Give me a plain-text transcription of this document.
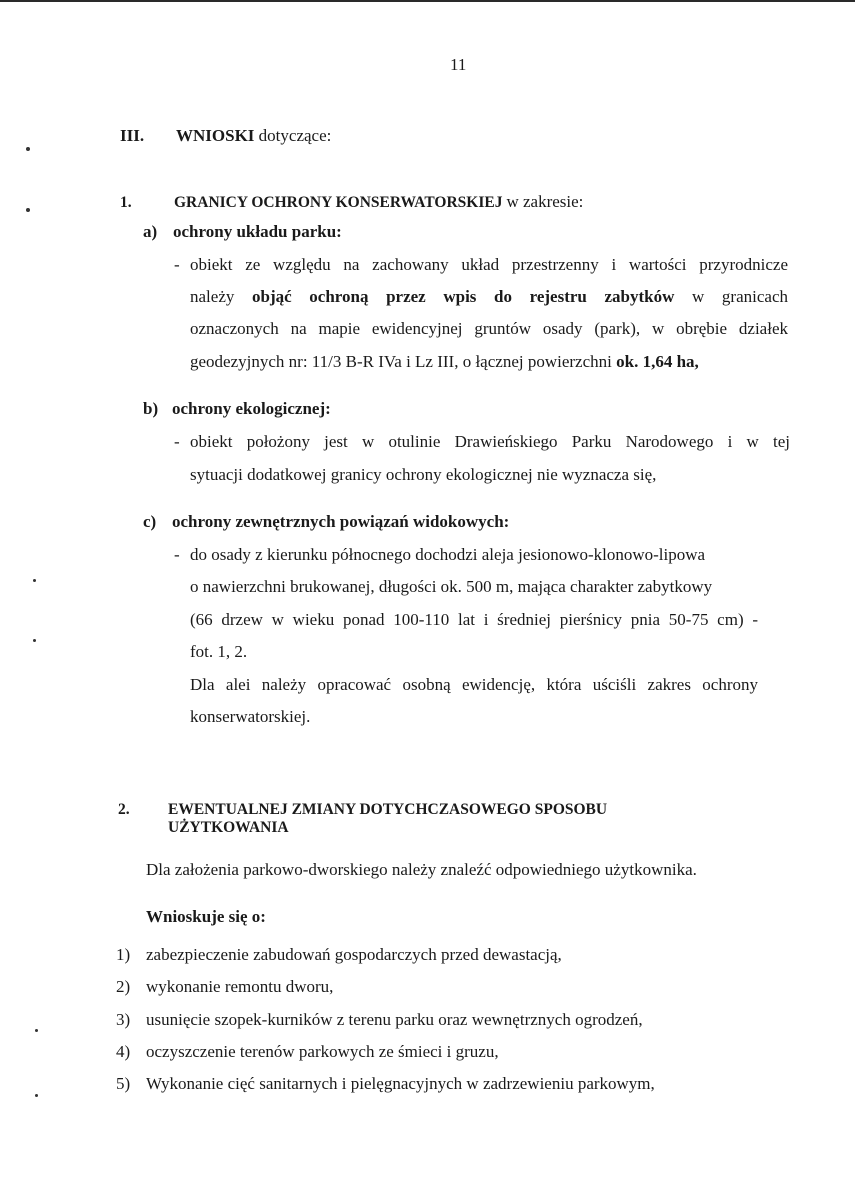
11
III. WNIOSKI dotyczące:
1.	GRANICY OCHRONY KONSERWATORSKIEJ w zakresie:
a) ochrony układu parku:
- obiekt ze względu na zachowany układ przestrzenny i wartości przyrodnicze
należy objąć ochroną przez wpis do rejestru zabytków w granicach
oznaczonych na mapie ewidencyjnej gruntów osady (park), w obrębie działek
geodezyjnych nr: 11/3 B-R IVa i Lz III, o łącznej powierzchni ok. 1,64 ha,
b) ochrony ekologicznej:
- obiekt położony jest w otulinie Drawieńskiego Parku Narodowego i w tej
sytuacji dodatkowej granicy ochrony ekologicznej nie wyznacza się,
c) ochrony zewnętrznych powiązań widokowych:
- do osady z kierunku północnego dochodzi aleja jesionowo-klonowo-lipowa
o nawierzchni brukowanej, długości ok. 500 m, mająca charakter zabytkowy
(66 drzew w wieku ponad 100-110 lat i średniej pierśnicy pnia 50-75 cm) -
fot. 1, 2.
Dla alei należy opracować osobną ewidencję, która uściśli zakres ochrony
konserwatorskiej.
2. EWENTUALNEJ ZMIANY DOTYCHCZASOWEGO SPOSOBU
UŻYTKOWANIA
Dla założenia parkowo-dworskiego należy znaleźć odpowiedniego użytkownika.
Wnioskuje się o:
1) zabezpieczenie zabudowań gospodarczych przed dewastacją,
2) wykonanie remontu dworu,
3) usunięcie szopek-kurników z terenu parku oraz wewnętrznych ogrodzeń,
4) oczyszczenie terenów parkowych ze śmieci i gruzu,
5) Wykonanie cięć sanitarnych i pielęgnacyjnych w zadrzewieniu parkowym,
